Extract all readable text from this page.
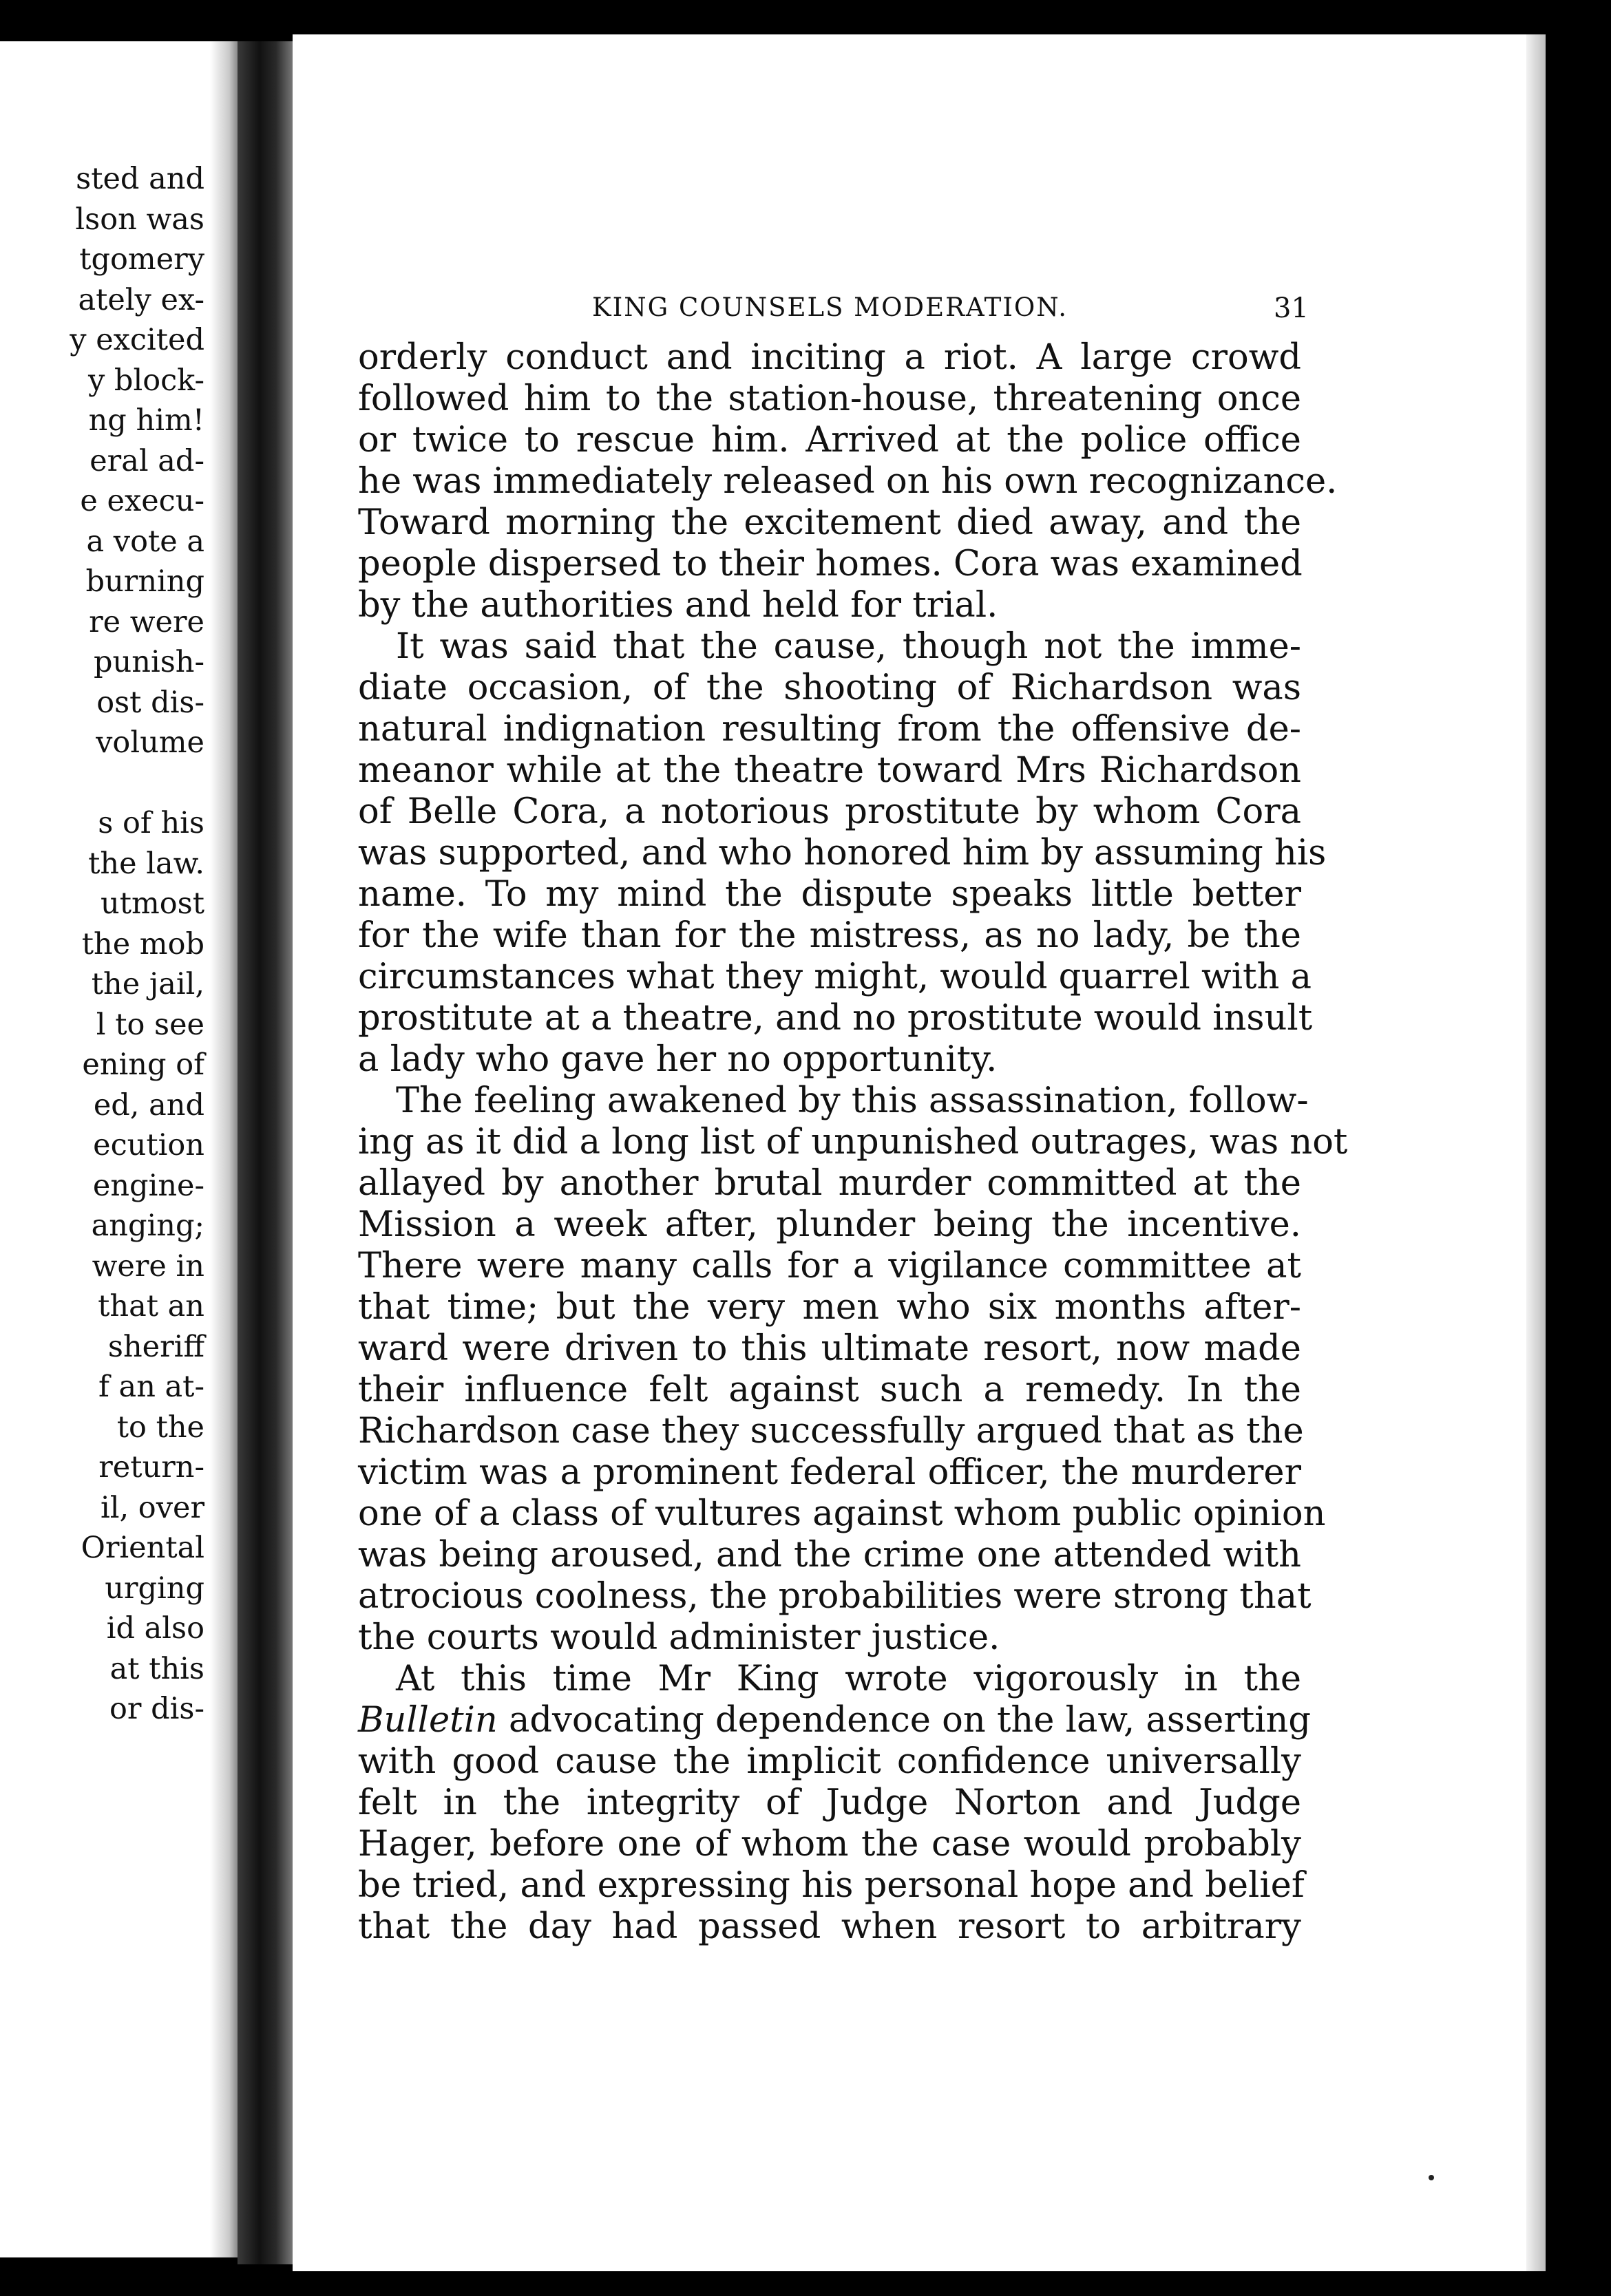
sted and
lson was
tgomery
ately ex-
y excited
y block-
ng him!
eral ad-
e execu-
a vote a
burning
re were
punish-
ost dis-
volume
s of his
the law.
utmost
the mob
the jail,
l to see
ening of
ed, and
ecution
engine-
anging;
were in
that an
sheriff
f an at-
to the
return-
il, over
Oriental
urging
id also
at this
or dis-
KING COUNSELS MODERATION.	31
orderly conduct and inciting a riot. A large crowd
followed him to the station-house, threatening once
or twice to rescue him. Arrived at the police office
he was immediately released on his own recognizance.
Toward morning the excitement died away, and the
people dispersed to their homes. Cora was examined
by the authorities and held for trial.
It was said that the cause, though not the imme-
diate occasion, of the shooting of Richardson was
natural indignation resulting from the offensive de-
meanor while at the theatre toward Mrs Richardson
of Belle Cora, a notorious prostitute by whom Cora
was supported, and who honored him by assuming his
name. To my mind the dispute speaks little better
for the wife than for the mistress, as no lady, be the
circumstances what they might, would quarrel with a
prostitute at a theatre, and no prostitute would insult
a lady who gave her no opportunity.
The feeling awakened by this assassination, follow-
ing as it did a long list of unpunished outrages, was not
allayed by another brutal murder committed at the
Mission a week after, plunder being the incentive.
There were many calls for a vigilance committee at
that time; but the very men who six months after-
ward were driven to this ultimate resort, now made
their influence felt against such a remedy. In the
Richardson case they successfully argued that as the
victim was a prominent federal officer, the murderer
one of a class of vultures against whom public opinion
was being aroused, and the crime one attended with
atrocious coolness, the probabilities were strong that
the courts would administer justice.
At this time Mr King wrote vigorously in the
Bulletin advocating dependence on the law, asserting
with good cause the implicit confidence universally
felt in the integrity of Judge Norton and Judge
Hager, before one of whom the case would probably
be tried, and expressing his personal hope and belief
that the day had passed when resort to arbitrary
